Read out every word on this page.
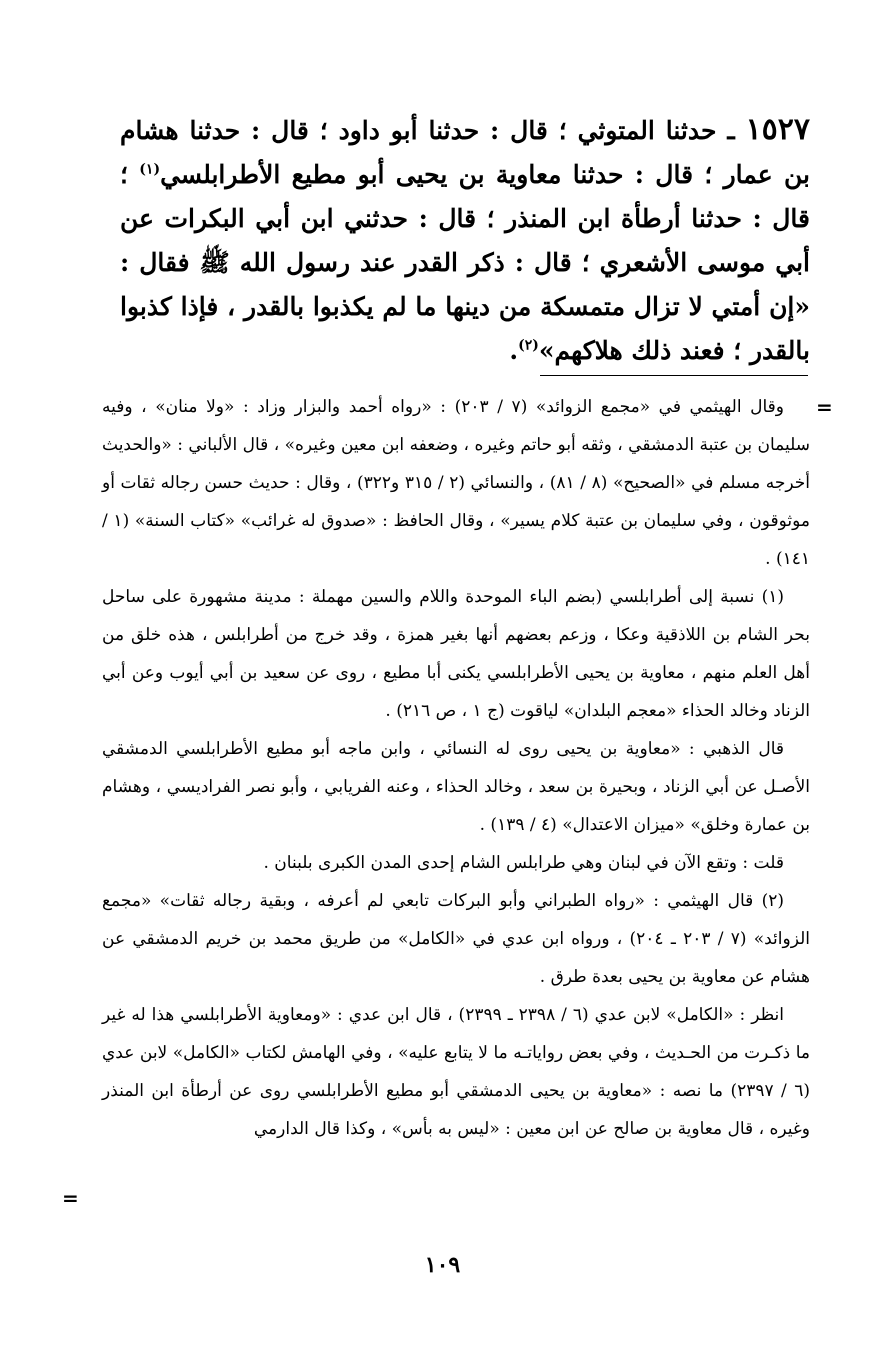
١٥٢٧ ـ حدثنا المتوثي ؛ قال : حدثنا أبو داود ؛ قال : حدثنا هشام بن عمار ؛ قال : حدثنا معاوية بن يحيى أبو مطيع الأطرابلسي$^{(١)}$ ؛ قال : حدثنا أرطأة ابن المنذر ؛ قال : حدثني ابن أبي البكرات عن أبي موسى الأشعري ؛ قال : ذكر القدر عند رسول الله ﷺ فقال : «إن أمتي لا تزال متمسكة من دينها ما لم يكذبوا بالقدر ، فإذا كذبوا بالقدر ؛ فعند ذلك هلاكهم»$^{(٢)}$.
=

وقال الهيثمي في «مجمع الزوائد» (٧ / ٢٠٣) : «رواه أحمد والبزار وزاد : «ولا منان» ، وفيه سليمان بن عتبة الدمشقي ، وثقه أبو حاتم وغيره ، وضعفه ابن معين وغيره» ، قال الألباني : «والحديث أخرجه مسلم في «الصحيح» (٨ / ٨١) ، والنسائي (٢ / ٣١٥ و٣٢٢) ، وقال : حديث حسن رجاله ثقات أو موثوقون ، وفي سليمان بن عتبة كلام يسير» ، وقال الحافظ : «صدوق له غرائب» «كتاب السنة» (١ / ١٤١) .

(١) نسبة إلى أطرابلسي (بضم الباء الموحدة واللام والسين مهملة : مدينة مشهورة على ساحل بحر الشام بن اللاذقية وعكا ، وزعم بعضهم أنها بغير همزة ، وقد خرج من أطرابلس ، هذه خلق من أهل العلم منهم ، معاوية بن يحيى الأطرابلسي يكنى أبا مطيع ، روى عن سعيد بن أبي أيوب وعن أبي الزناد وخالد الحذاء «معجم البلدان» لياقوت (ج ١ ، ص ٢١٦) .

قال الذهبي : «معاوية بن يحيى روى له النسائي ، وابن ماجه أبو مطيع الأطرابلسي الدمشقي الأصـل عن أبي الزناد ، وبحيرة بن سعد ، وخالد الحذاء ، وعنه الفريابي ، وأبو نصر الفراديسي ، وهشام بن عمارة وخلق» «ميزان الاعتدال» (٤ / ١٣٩) .

قلت : وتقع الآن في لبنان وهي طرابلس الشام إحدى المدن الكبرى بلبنان .

(٢) قال الهيثمي : «رواه الطبراني وأبو البركات تابعي لم أعرفه ، وبقية رجاله ثقات» «مجمع الزوائد» (٧ / ٢٠٣ ـ ٢٠٤) ، ورواه ابن عدي في «الكامل» من طريق محمد بن خريم الدمشقي عن هشام عن معاوية بن يحيى بعدة طرق .

انظر : «الكامل» لابن عدي (٦ / ٢٣٩٨ ـ ٢٣٩٩) ، قال ابن عدي : «ومعاوية الأطرابلسي هذا له غير ما ذكـرت من الحـديث ، وفي بعض رواياتـه ما لا يتابع عليه» ، وفي الهامش لكتاب «الكامل» لابن عدي (٦ / ٢٣٩٧) ما نصه : «معاوية بن يحيى الدمشقي أبو مطيع الأطرابلسي روى عن أرطأة ابن المنذر وغيره ، قال معاوية بن صالح عن ابن معين : «ليس به بأس» ، وكذا قال الدارمي

=
١٠٩
